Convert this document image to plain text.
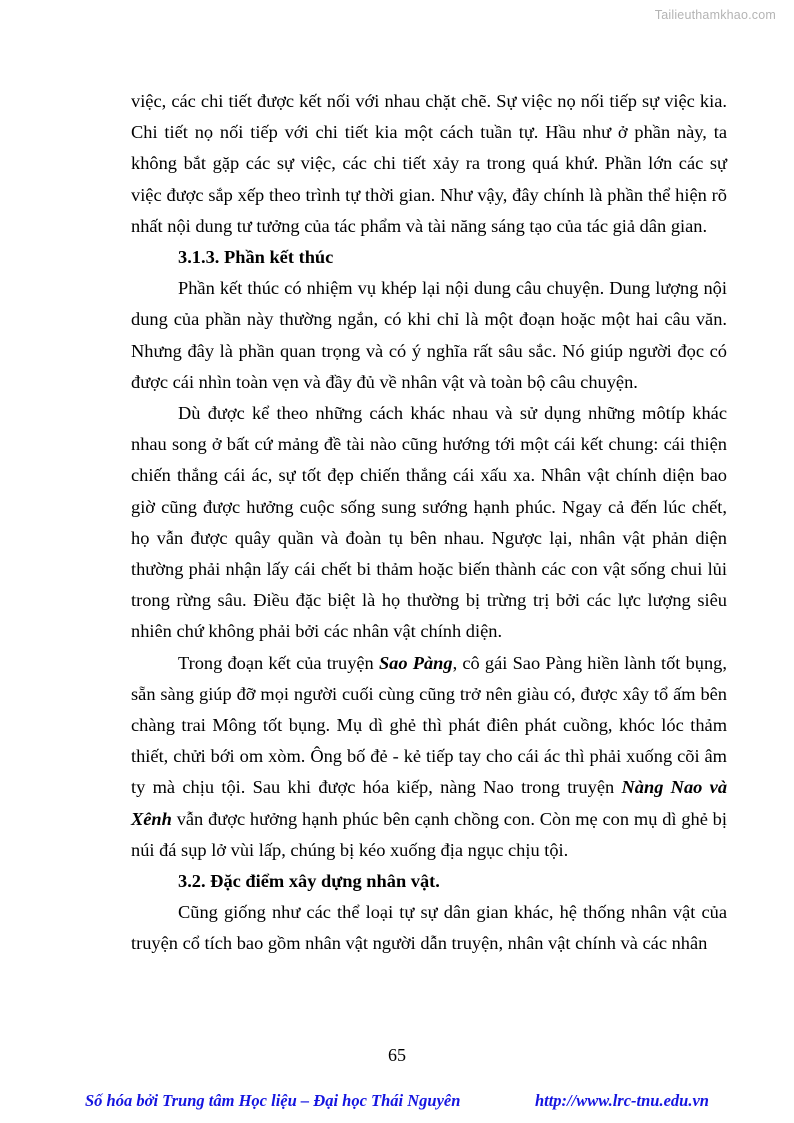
Tailieuthamkhao.com

việc, các chi tiết được kết nối với nhau chặt chẽ. Sự việc nọ nối tiếp sự việc kia. Chi tiết nọ nối tiếp với chi tiết kia một cách tuần tự. Hầu như ở phần này, ta không bắt gặp các sự việc, các chi tiết xảy ra trong quá khứ. Phần lớn các sự việc được sắp xếp theo trình tự thời gian. Như vậy, đây chính là phần thể hiện rõ nhất nội dung tư tưởng của tác phẩm và tài năng sáng tạo của tác giả dân gian.

3.1.3. Phần kết thúc

Phần kết thúc có nhiệm vụ khép lại nội dung câu chuyện. Dung lượng nội dung của phần này thường ngắn, có khi chỉ là một đoạn hoặc một hai câu văn. Nhưng đây là phần quan trọng và có ý nghĩa rất sâu sắc. Nó giúp người đọc có được cái nhìn toàn vẹn và đầy đủ về nhân vật và toàn bộ câu chuyện.

Dù được kể theo những cách khác nhau và sử dụng những môtíp khác nhau song ở bất cứ mảng đề tài nào cũng hướng tới một cái kết chung: cái thiện chiến thắng cái ác, sự tốt đẹp chiến thắng cái xấu xa. Nhân vật chính diện bao giờ cũng được hưởng cuộc sống sung sướng hạnh phúc. Ngay cả đến lúc chết, họ vẫn được quây quần và đoàn tụ bên nhau. Ngược lại, nhân vật phản diện thường phải nhận lấy cái chết bi thảm hoặc biến thành các con vật sống chui lủi trong rừng sâu. Điều đặc biệt là họ thường bị trừng trị bởi các lực lượng siêu nhiên chứ không phải bởi các nhân vật chính diện.

Trong đoạn kết của truyện Sao Pàng, cô gái Sao Pàng hiền lành tốt bụng, sẵn sàng giúp đỡ mọi người cuối cùng cũng trở nên giàu có, được xây tổ ấm bên chàng trai Mông tốt bụng. Mụ dì ghẻ thì phát điên phát cuồng, khóc lóc thảm thiết, chửi bới om xòm. Ông bố đẻ - kẻ tiếp tay cho cái ác thì phải xuống cõi âm ty mà chịu tội. Sau khi được hóa kiếp, nàng Nao trong truyện Nàng Nao và Xênh vẫn được hưởng hạnh phúc bên cạnh chồng con. Còn mẹ con mụ dì ghẻ bị núi đá sụp lở vùi lấp, chúng bị kéo xuống địa ngục chịu tội.

3.2. Đặc điểm xây dựng nhân vật.

Cũng giống như các thể loại tự sự dân gian khác, hệ thống nhân vật của truyện cổ tích bao gồm nhân vật người dẫn truyện, nhân vật chính và các nhân

65
Số hóa bởi Trung tâm Học liệu – Đại học Thái Nguyên	http://www.lrc-tnu.edu.vn
